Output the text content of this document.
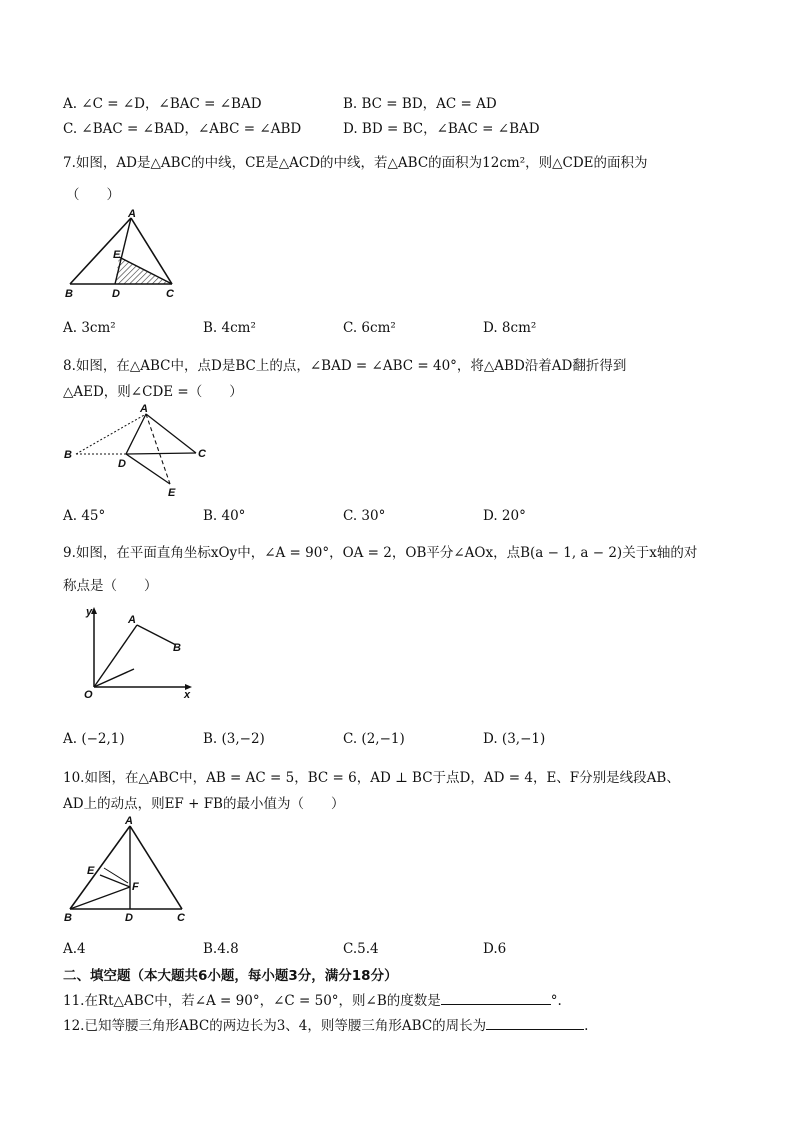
A. ∠C = ∠D，∠BAC = ∠BAD	B. BC = BD，AC = AD
C. ∠BAC = ∠BAD，∠ABC = ∠ABD	D. BD = BC，∠BAC = ∠BAD
7.如图，AD是△ABC的中线，CE是△ACD的中线，若△ABC的面积为12cm²，则△CDE的面积为
（　　）
A
E
B	D	C
A. 3cm²	B. 4cm²	C. 6cm²	D. 8cm²
8.如图，在△ABC中，点D是BC上的点，∠BAD = ∠ABC = 40°，将△ABD沿着AD翻折得到
△AED，则∠CDE =（　　）
A
B
D
C
E
A. 45°	B. 40°	C. 30°	D. 20°
9.如图，在平面直角坐标xOy中，∠A = 90°，OA = 2，OB平分∠AOx，点B(a − 1, a − 2)关于x轴的对
称点是（　　）
y
A
B
O	x
A. (−2,1)	B. (3,−2)	C. (2,−1)	D. (3,−1)
10.如图，在△ABC中，AB = AC = 5，BC = 6，AD ⊥ BC于点D，AD = 4，E、F分别是线段AB、
AD上的动点，则EF + FB的最小值为（　　）
A
E
F
B	D	C
A.4	B.4.8	C.5.4	D.6
二、填空题（本大题共6小题，每小题3分，满分18分）
11.在Rt△ABC中，若∠A = 90°，∠C = 50°，则∠B的度数是	°.
12.已知等腰三角形ABC的两边长为3、4，则等腰三角形ABC的周长为	.
